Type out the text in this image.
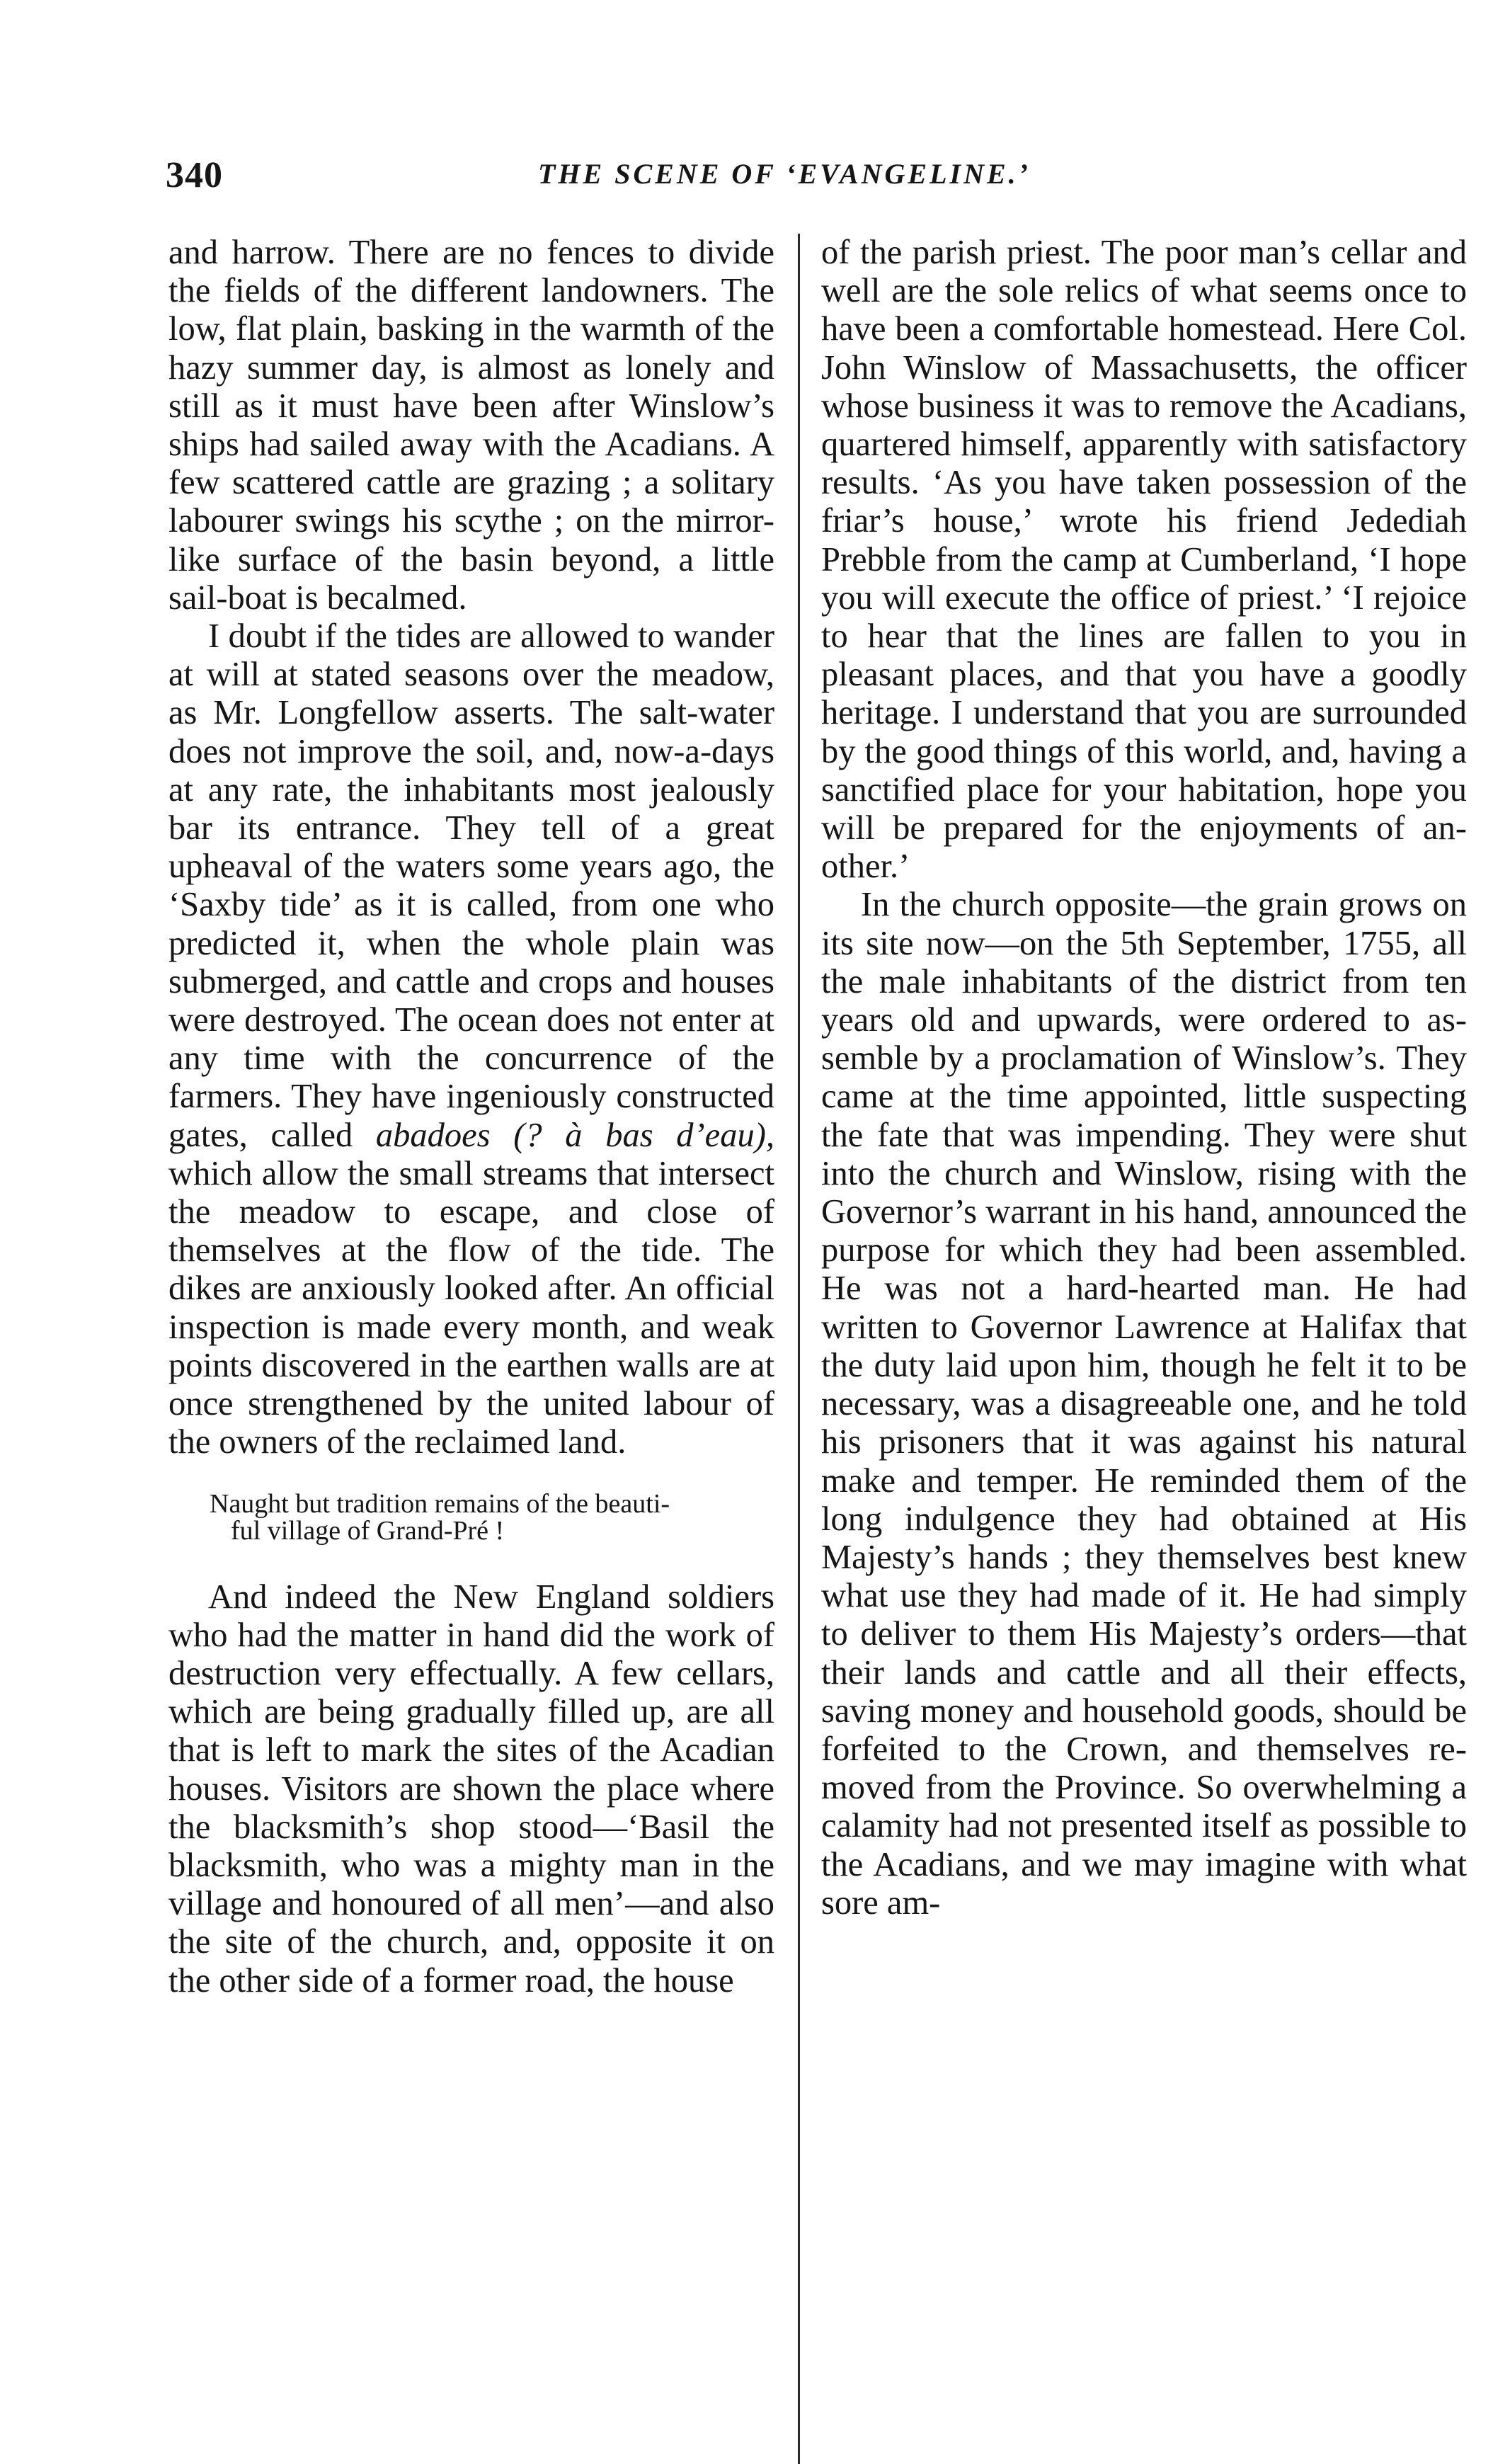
340	THE SCENE OF ‘EVANGELINE.’

and harrow. There are no fences to divide the fields of the different landowners. The low, flat plain, basking in the warmth of the hazy summer day, is almost as lonely and still as it must have been after Winslow’s ships had sailed away with the Acadians. A few scattered cattle are grazing ; a solitary labourer swings his scythe ; on the mirror-like surface of the basin beyond, a little sail-boat is becalmed.

I doubt if the tides are allowed to wander at will at stated seasons over the meadow, as Mr. Longfellow asserts. The salt-water does not improve the soil, and, now-a-days at any rate, the inhabitants most jealously bar its entrance. They tell of a great upheaval of the waters some years ago, the ‘Saxby tide’ as it is called, from one who predicted it, when the whole plain was submerged, and cattle and crops and houses were destroyed. The ocean does not enter at any time with the concurrence of the farmers. They have ingeniously constructed gates, called abadoes (? à bas d’eau), which allow the small streams that intersect the meadow to escape, and close of themselves at the flow of the tide. The dikes are anxiously looked after. An official inspection is made every month, and weak points discovered in the earthen walls are at once strengthened by the united labour of the owners of the reclaimed land.

Naught but tradition remains of the beauti-
ful village of Grand-Pré !

And indeed the New England soldiers who had the matter in hand did the work of destruction very effectually. A few cellars, which are being gradually filled up, are all that is left to mark the sites of the Acadian houses. Visitors are shown the place where the blacksmith’s shop stood—‘Basil the blacksmith, who was a mighty man in the village and honoured of all men’—and also the site of the church, and, opposite it on the other side of a former road, the house

of the parish priest. The poor man’s cellar and well are the sole relics of what seems once to have been a comfortable homestead. Here Col. John Winslow of Massachusetts, the officer whose business it was to remove the Acadians, quartered himself, apparently with satisfactory results. ‘As you have taken possession of the friar’s house,’ wrote his friend Jedediah Prebble from the camp at Cumberland, ‘I hope you will execute the office of priest.’ ‘I rejoice to hear that the lines are fallen to you in pleasant places, and that you have a goodly heritage. I understand that you are surrounded by the good things of this world, and, having a sanctified place for your habitation, hope you will be prepared for the enjoyments of another.’

In the church opposite—the grain grows on its site now—on the 5th September, 1755, all the male inhabitants of the district from ten years old and upwards, were ordered to assemble by a proclamation of Winslow’s. They came at the time appointed, little suspecting the fate that was impending. They were shut into the church and Winslow, rising with the Governor’s warrant in his hand, announced the purpose for which they had been assembled. He was not a hard-hearted man. He had written to Governor Lawrence at Halifax that the duty laid upon him, though he felt it to be necessary, was a disagreeable one, and he told his prisoners that it was against his natural make and temper. He reminded them of the long indulgence they had obtained at His Majesty’s hands ; they themselves best knew what use they had made of it. He had simply to deliver to them His Majesty’s orders—that their lands and cattle and all their effects, saving money and household goods, should be forfeited to the Crown, and themselves removed from the Province. So overwhelming a calamity had not presented itself as possible to the Acadians, and we may imagine with what sore am-
